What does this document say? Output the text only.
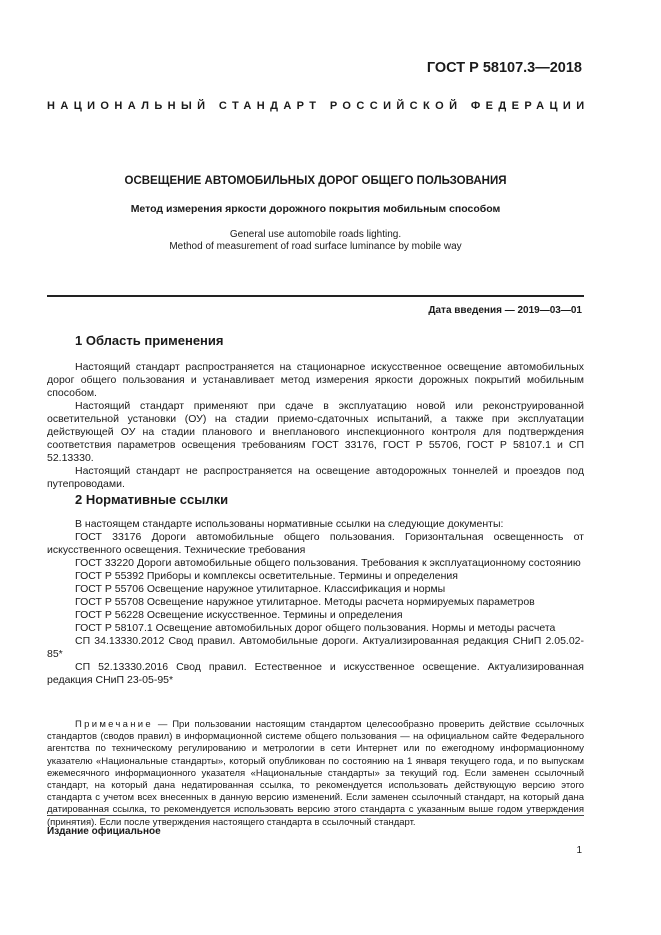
ГОСТ Р 58107.3—2018
НАЦИОНАЛЬНЫЙ СТАНДАРТ РОССИЙСКОЙ ФЕДЕРАЦИИ
ОСВЕЩЕНИЕ АВТОМОБИЛЬНЫХ ДОРОГ ОБЩЕГО ПОЛЬЗОВАНИЯ
Метод измерения яркости дорожного покрытия мобильным способом
General use automobile roads lighting.
Method of measurement of road surface luminance by mobile way
Дата введения — 2019—03—01
1 Область применения

Настоящий стандарт распространяется на стационарное искусственное освещение автомобильных дорог общего пользования и устанавливает метод измерения яркости дорожных покрытий мобильным способом.

Настоящий стандарт применяют при сдаче в эксплуатацию новой или реконструированной осветительной установки (ОУ) на стадии приемо-сдаточных испытаний, а также при эксплуатации действующей ОУ на стадии планового и внепланового инспекционного контроля для подтверждения соответствия параметров освещения требованиям ГОСТ 33176, ГОСТ Р 55706, ГОСТ Р 58107.1 и СП 52.13330.

Настоящий стандарт не распространяется на освещение автодорожных тоннелей и проездов под путепроводами.

2 Нормативные ссылки

В настоящем стандарте использованы нормативные ссылки на следующие документы:

ГОСТ 33176 Дороги автомобильные общего пользования. Горизонтальная освещенность от искусственного освещения. Технические требования

ГОСТ 33220 Дороги автомобильные общего пользования. Требования к эксплуатационному состоянию

ГОСТ Р 55392 Приборы и комплексы осветительные. Термины и определения

ГОСТ Р 55706 Освещение наружное утилитарное. Классификация и нормы

ГОСТ Р 55708 Освещение наружное утилитарное. Методы расчета нормируемых параметров

ГОСТ Р 56228 Освещение искусственное. Термины и определения

ГОСТ Р 58107.1 Освещение автомобильных дорог общего пользования. Нормы и методы расчета

СП 34.13330.2012 Свод правил. Автомобильные дороги. Актуализированная редакция СНиП 2.05.02-85*

СП 52.13330.2016 Свод правил. Естественное и искусственное освещение. Актуализированная редакция СНиП 23-05-95*

Примечание — При пользовании настоящим стандартом целесообразно проверить действие ссылочных стандартов (сводов правил) в информационной системе общего пользования — на официальном сайте Федерального агентства по техническому регулированию и метрологии в сети Интернет или по ежегодному информационному указателю «Национальные стандарты», который опубликован по состоянию на 1 января текущего года, и по выпускам ежемесячного информационного указателя «Национальные стандарты» за текущий год. Если заменен ссылочный стандарт, на который дана недатированная ссылка, то рекомендуется использовать действующую версию этого стандарта с учетом всех внесенных в данную версию изменений. Если заменен ссылочный стандарт, на который дана датированная ссылка, то рекомендуется использовать версию этого стандарта с указанным выше годом утверждения (принятия). Если после утверждения настоящего стандарта в ссылочный стандарт.
Издание официальное
1
